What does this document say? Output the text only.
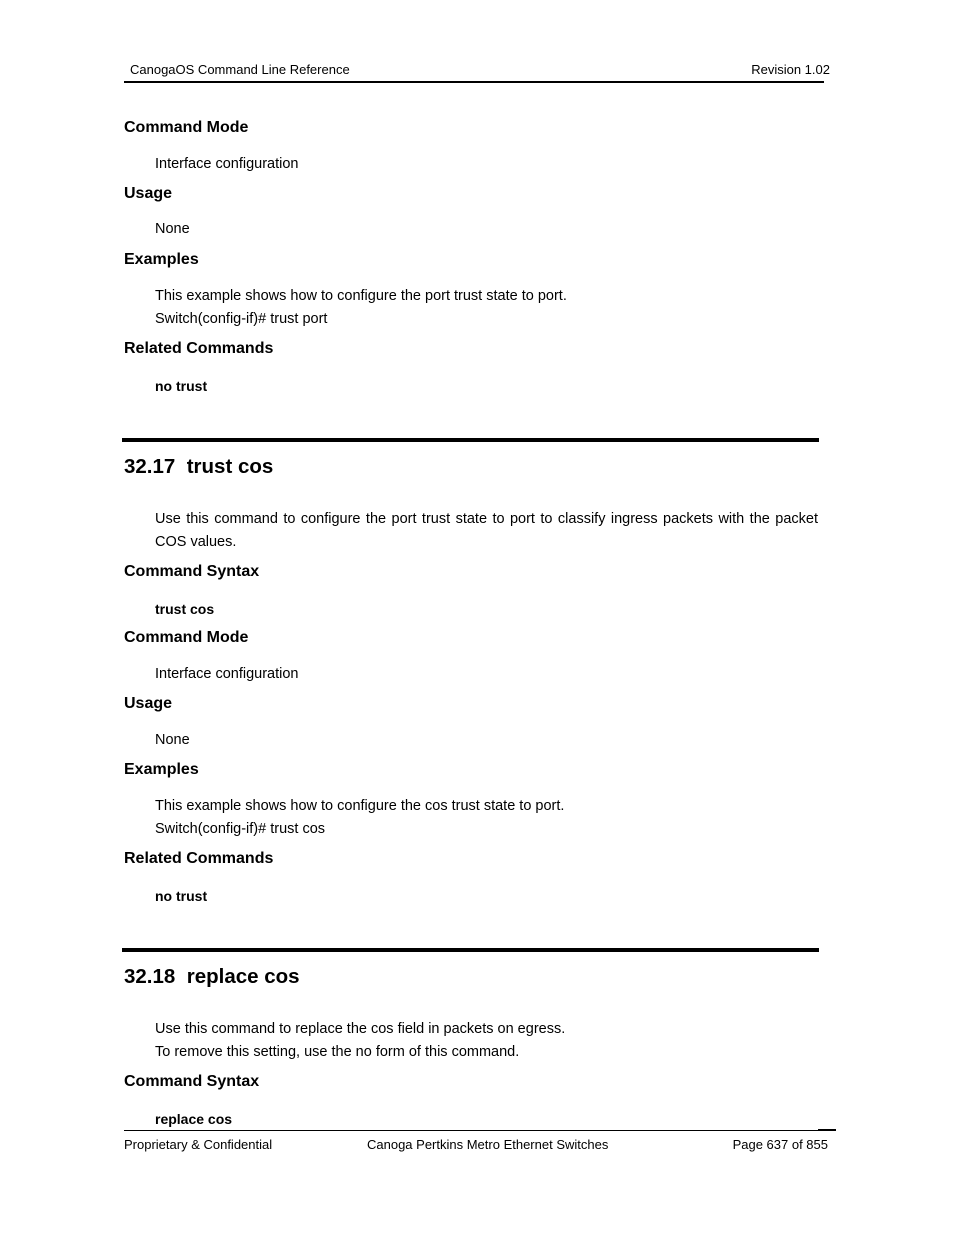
CanogaOS Command Line Reference	Revision 1.02
Command Mode
Interface configuration
Usage
None
Examples
This example shows how to configure the port trust state to port.
Switch(config-if)# trust port
Related Commands
no trust
32.17 trust cos
Use this command to configure the port trust state to port to classify ingress packets with the packet COS values.
Command Syntax
trust cos
Command Mode
Interface configuration
Usage
None
Examples
This example shows how to configure the cos trust state to port.
Switch(config-if)# trust cos
Related Commands
no trust
32.18 replace cos
Use this command to replace the cos field in packets on egress.
To remove this setting, use the no form of this command.
Command Syntax
replace cos
Proprietary & Confidential	Canoga Pertkins Metro Ethernet Switches	Page 637 of 855
